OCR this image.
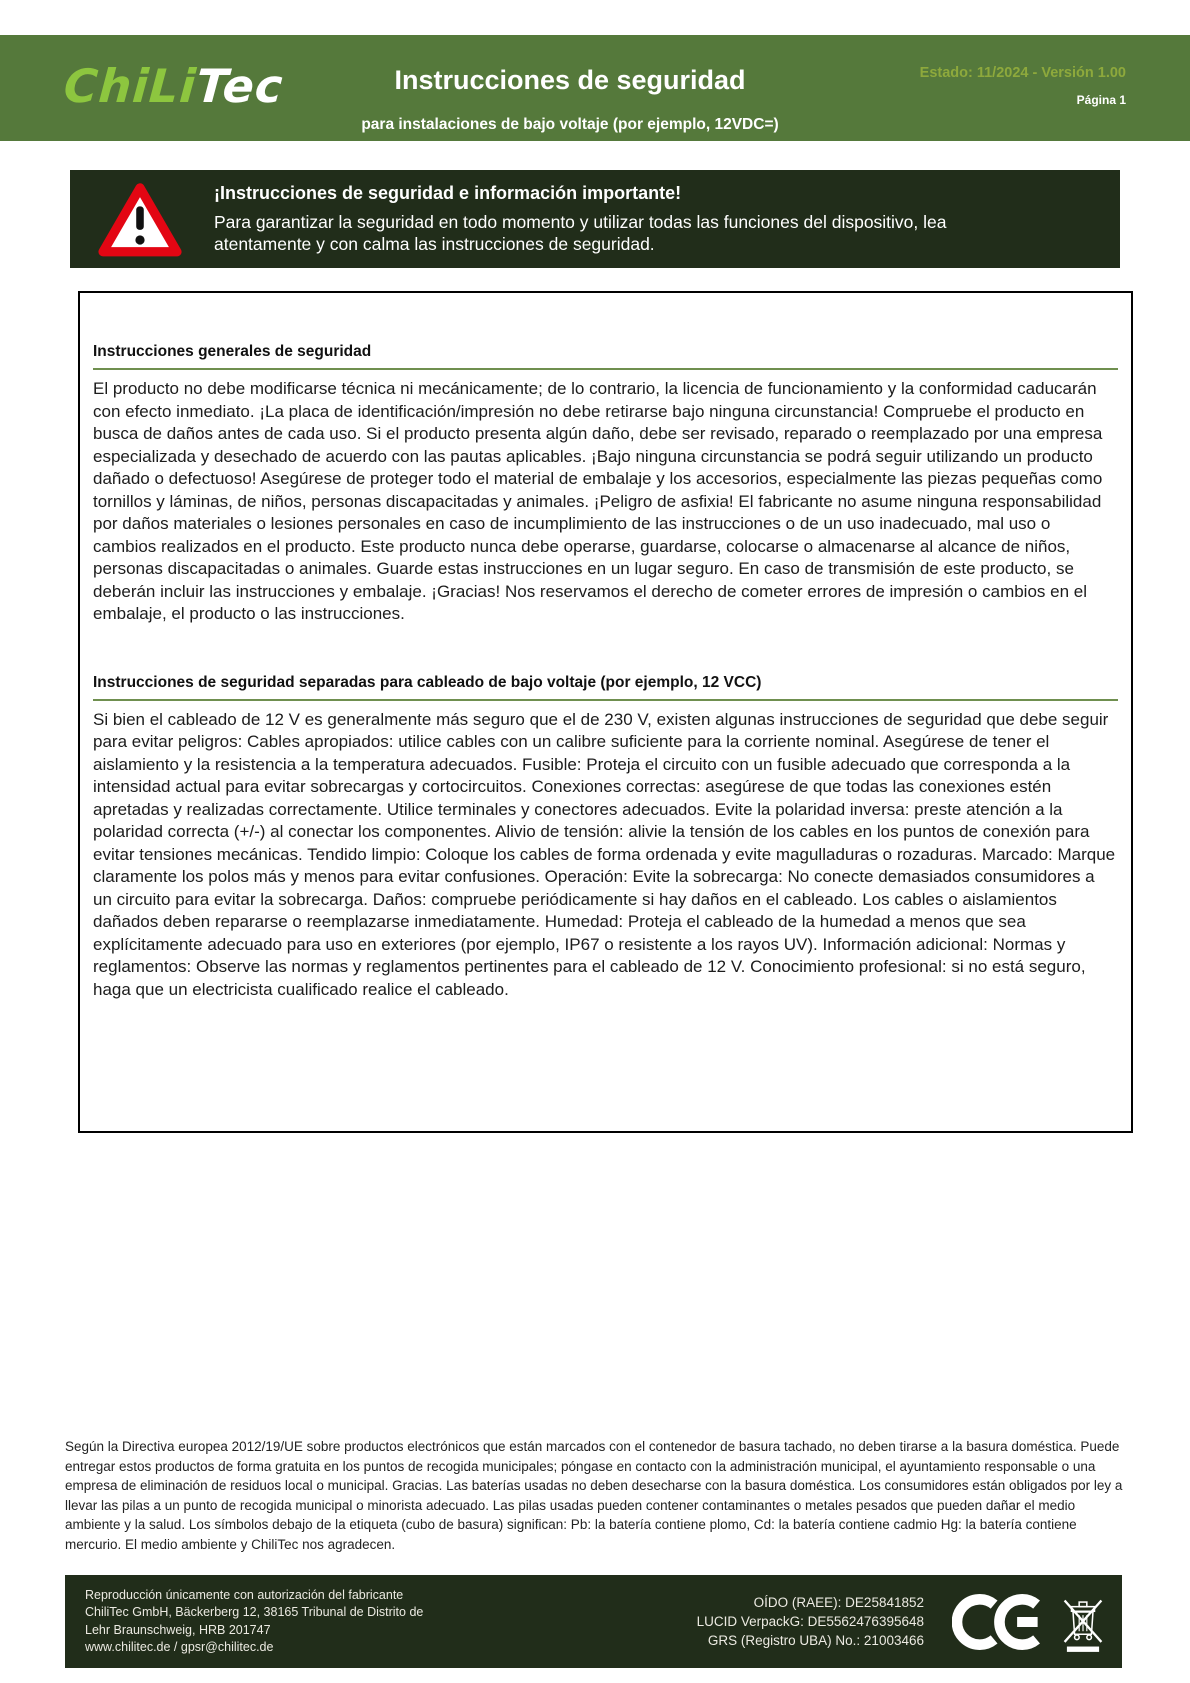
ChiLiTec	Instrucciones de seguridad
para instalaciones de bajo voltaje (por ejemplo, 12VDC=)
Estado: 11/2024 - Versión 1.00
Página 1
¡Instrucciones de seguridad e información importante!
Para garantizar la seguridad en todo momento y utilizar todas las funciones del dispositivo, lea atentamente y con calma las instrucciones de seguridad.
Instrucciones generales de seguridad
El producto no debe modificarse técnica ni mecánicamente; de lo contrario, la licencia de funcionamiento y la conformidad caducarán con efecto inmediato. ¡La placa de identificación/impresión no debe retirarse bajo ninguna circunstancia! Compruebe el producto en busca de daños antes de cada uso. Si el producto presenta algún daño, debe ser revisado, reparado o reemplazado por una empresa especializada y desechado de acuerdo con las pautas aplicables. ¡Bajo ninguna circunstancia se podrá seguir utilizando un producto dañado o defectuoso! Asegúrese de proteger todo el material de embalaje y los accesorios, especialmente las piezas pequeñas como tornillos y láminas, de niños, personas discapacitadas y animales. ¡Peligro de asfixia! El fabricante no asume ninguna responsabilidad por daños materiales o lesiones personales en caso de incumplimiento de las instrucciones o de un uso inadecuado, mal uso o cambios realizados en el producto. Este producto nunca debe operarse, guardarse, colocarse o almacenarse al alcance de niños, personas discapacitadas o animales. Guarde estas instrucciones en un lugar seguro. En caso de transmisión de este producto, se deberán incluir las instrucciones y embalaje. ¡Gracias! Nos reservamos el derecho de cometer errores de impresión o cambios en el embalaje, el producto o las instrucciones.
Instrucciones de seguridad separadas para cableado de bajo voltaje (por ejemplo, 12 VCC)
Si bien el cableado de 12 V es generalmente más seguro que el de 230 V, existen algunas instrucciones de seguridad que debe seguir para evitar peligros: Cables apropiados: utilice cables con un calibre suficiente para la corriente nominal. Asegúrese de tener el aislamiento y la resistencia a la temperatura adecuados. Fusible: Proteja el circuito con un fusible adecuado que corresponda a la intensidad actual para evitar sobrecargas y cortocircuitos. Conexiones correctas: asegúrese de que todas las conexiones estén apretadas y realizadas correctamente. Utilice terminales y conectores adecuados. Evite la polaridad inversa: preste atención a la polaridad correcta (+/-) al conectar los componentes. Alivio de tensión: alivie la tensión de los cables en los puntos de conexión para evitar tensiones mecánicas. Tendido limpio: Coloque los cables de forma ordenada y evite magulladuras o rozaduras. Marcado: Marque claramente los polos más y menos para evitar confusiones. Operación: Evite la sobrecarga: No conecte demasiados consumidores a un circuito para evitar la sobrecarga. Daños: compruebe periódicamente si hay daños en el cableado. Los cables o aislamientos dañados deben repararse o reemplazarse inmediatamente. Humedad: Proteja el cableado de la humedad a menos que sea explícitamente adecuado para uso en exteriores (por ejemplo, IP67 o resistente a los rayos UV). Información adicional: Normas y reglamentos: Observe las normas y reglamentos pertinentes para el cableado de 12 V. Conocimiento profesional: si no está seguro, haga que un electricista cualificado realice el cableado.
Según la Directiva europea 2012/19/UE sobre productos electrónicos que están marcados con el contenedor de basura tachado, no deben tirarse a la basura doméstica. Puede entregar estos productos de forma gratuita en los puntos de recogida municipales; póngase en contacto con la administración municipal, el ayuntamiento responsable o una empresa de eliminación de residuos local o municipal. Gracias. Las baterías usadas no deben desecharse con la basura doméstica. Los consumidores están obligados por ley a llevar las pilas a un punto de recogida municipal o minorista adecuado. Las pilas usadas pueden contener contaminantes o metales pesados que pueden dañar el medio ambiente y la salud. Los símbolos debajo de la etiqueta (cubo de basura) significan: Pb: la batería contiene plomo, Cd: la batería contiene cadmio Hg: la batería contiene mercurio. El medio ambiente y ChiliTec nos agradecen.
Reproducción únicamente con autorización del fabricante
ChiliTec GmbH, Bäckerberg 12, 38165 Tribunal de Distrito de
Lehr Braunschweig, HRB 201747
www.chilitec.de / gpsr@chilitec.de
OÍDO (RAEE): DE25841852
LUCID VerpackG: DE5562476395648
GRS (Registro UBA) No.: 21003466
